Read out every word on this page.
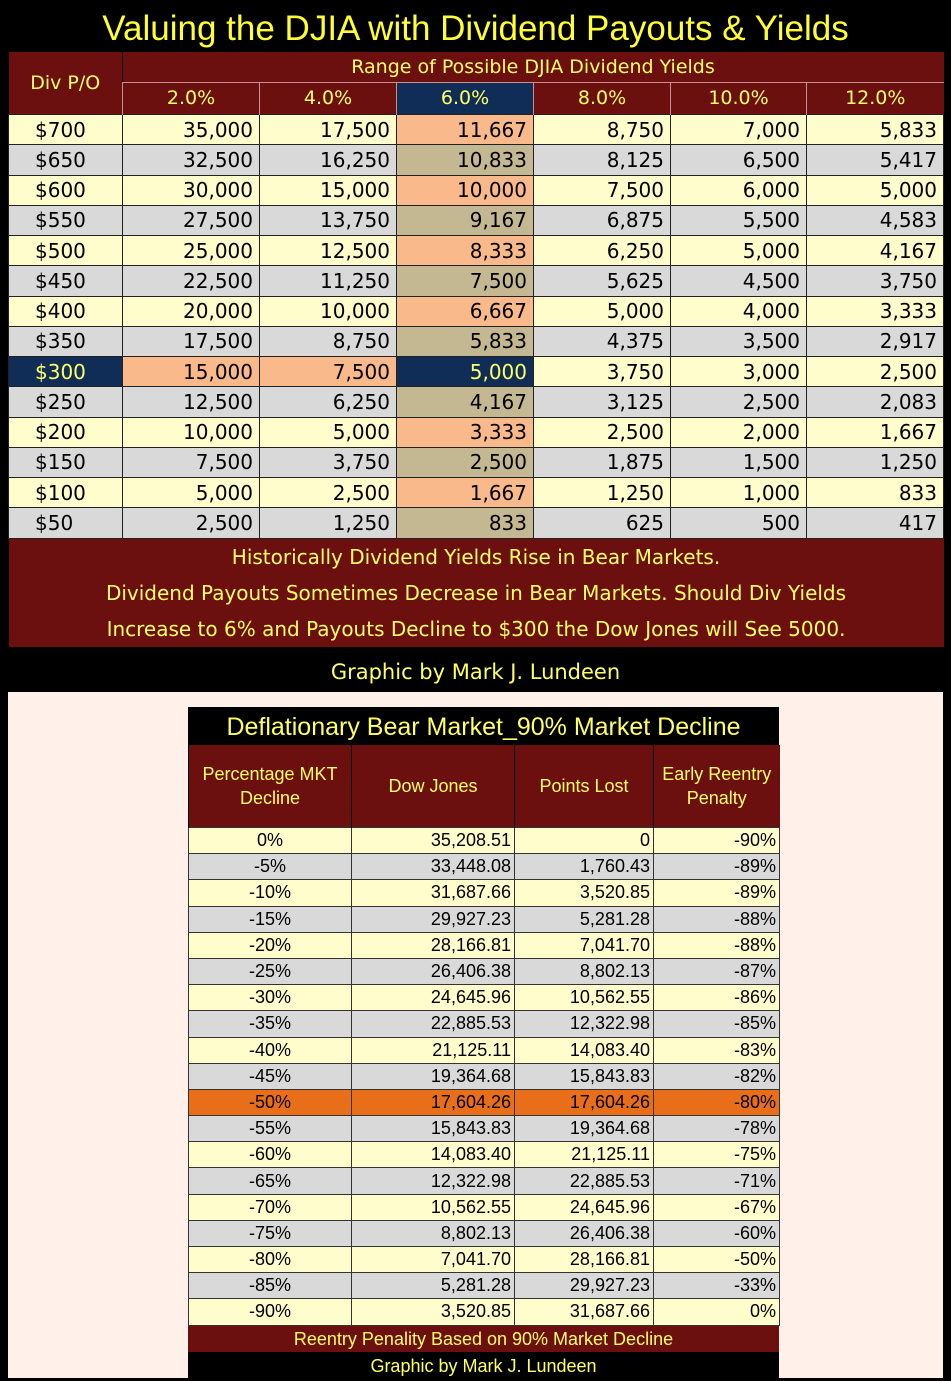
Valuing the DJIA with Dividend Payouts & Yields
Div P/O	Range of Possible DJIA Dividend Yields					
	2.0%	4.0%	6.0%	8.0%	10.0%	12.0%
$700	35,000	17,500	11,667	8,750	7,000	5,833
$650	32,500	16,250	10,833	8,125	6,500	5,417
$600	30,000	15,000	10,000	7,500	6,000	5,000
$550	27,500	13,750	9,167	6,875	5,500	4,583
$500	25,000	12,500	8,333	6,250	5,000	4,167
$450	22,500	11,250	7,500	5,625	4,500	3,750
$400	20,000	10,000	6,667	5,000	4,000	3,333
$350	17,500	8,750	5,833	4,375	3,500	2,917
$300	15,000	7,500	5,000	3,750	3,000	2,500
$250	12,500	6,250	4,167	3,125	2,500	2,083
$200	10,000	5,000	3,333	2,500	2,000	1,667
$150	7,500	3,750	2,500	1,875	1,500	1,250
$100	5,000	2,500	1,667	1,250	1,000	833
$50	2,500	1,250	833	625	500	417
Historically Dividend Yields Rise in Bear Markets.						
Dividend Payouts Sometimes Decrease in Bear Markets. Should Div Yields						
Increase to 6% and Payouts Decline to $300 the Dow Jones will See 5000.						
Graphic by Mark J. Lundeen
Deflationary Bear Market_90% Market Decline
Percentage MKT Decline	Dow Jones	Points Lost	Early Reentry Penalty
0%	35,208.51	0	-90%
-5%	33,448.08	1,760.43	-89%
-10%	31,687.66	3,520.85	-89%
-15%	29,927.23	5,281.28	-88%
-20%	28,166.81	7,041.70	-88%
-25%	26,406.38	8,802.13	-87%
-30%	24,645.96	10,562.55	-86%
-35%	22,885.53	12,322.98	-85%
-40%	21,125.11	14,083.40	-83%
-45%	19,364.68	15,843.83	-82%
-50%	17,604.26	17,604.26	-80%
-55%	15,843.83	19,364.68	-78%
-60%	14,083.40	21,125.11	-75%
-65%	12,322.98	22,885.53	-71%
-70%	10,562.55	24,645.96	-67%
-75%	8,802.13	26,406.38	-60%
-80%	7,041.70	28,166.81	-50%
-85%	5,281.28	29,927.23	-33%
-90%	3,520.85	31,687.66	0%
Reentry Penality Based on 90% Market Decline
Graphic by Mark J. Lundeen
